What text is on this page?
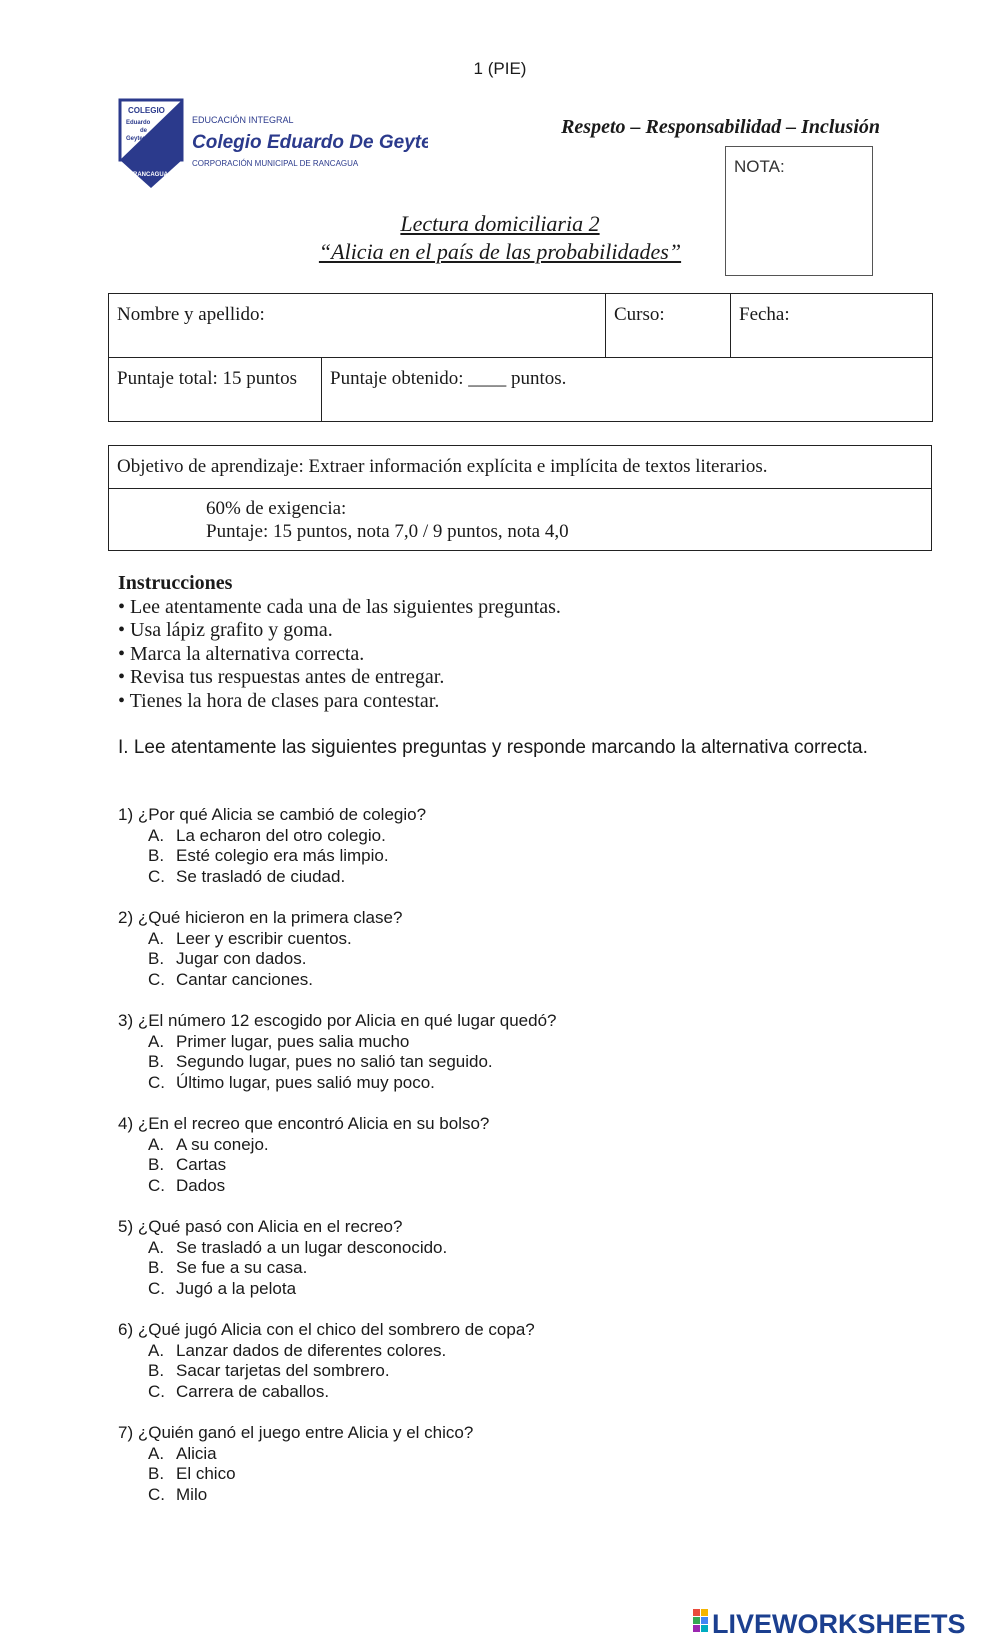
1 (PIE)
COLEGIO
Eduardo
de
Geyter
RANCAGUA
EDUCACIÓN INTEGRAL
Colegio Eduardo De Geyter
CORPORACIÓN MUNICIPAL DE RANCAGUA
Respeto – Responsabilidad – Inclusión
NOTA:
Lectura domiciliaria 2
“Alicia en el país de las probabilidades”
Nombre y apellido:	Curso:	Fecha:
Puntaje total: 15 puntos	Puntaje obtenido: ____ puntos.
Objetivo de aprendizaje: Extraer información explícita e implícita de textos literarios.

60% de exigencia:
Puntaje: 15 puntos, nota 7,0 / 9 puntos, nota 4,0
Instrucciones
• Lee atentamente cada una de las siguientes preguntas.
• Usa lápiz grafito y goma.
• Marca la alternativa correcta.
• Revisa tus respuestas antes de entregar.
• Tienes la hora de clases para contestar.
I. Lee atentamente las siguientes preguntas y responde marcando la alternativa correcta.
1) ¿Por qué Alicia se cambió de colegio?
A. La echaron del otro colegio.
B. Esté colegio era más limpio.
C. Se trasladó de ciudad.
2) ¿Qué hicieron en la primera clase?
A. Leer y escribir cuentos.
B. Jugar con dados.
C. Cantar canciones.
3) ¿El número 12 escogido por Alicia en qué lugar quedó?
A. Primer lugar, pues salia mucho
B. Segundo lugar, pues no salió tan seguido.
C. Último lugar, pues salió muy poco.
4) ¿En el recreo que encontró Alicia en su bolso?
A. A su conejo.
B. Cartas
C. Dados
5) ¿Qué pasó con Alicia en el recreo?
A. Se trasladó a un lugar desconocido.
B. Se fue a su casa.
C. Jugó a la pelota
6) ¿Qué jugó Alicia con el chico del sombrero de copa?
A. Lanzar dados de diferentes colores.
B. Sacar tarjetas del sombrero.
C. Carrera de caballos.
7) ¿Quién ganó el juego entre Alicia y el chico?
A. Alicia
B. El chico
C. Milo
LIVEWORKSHEETS
